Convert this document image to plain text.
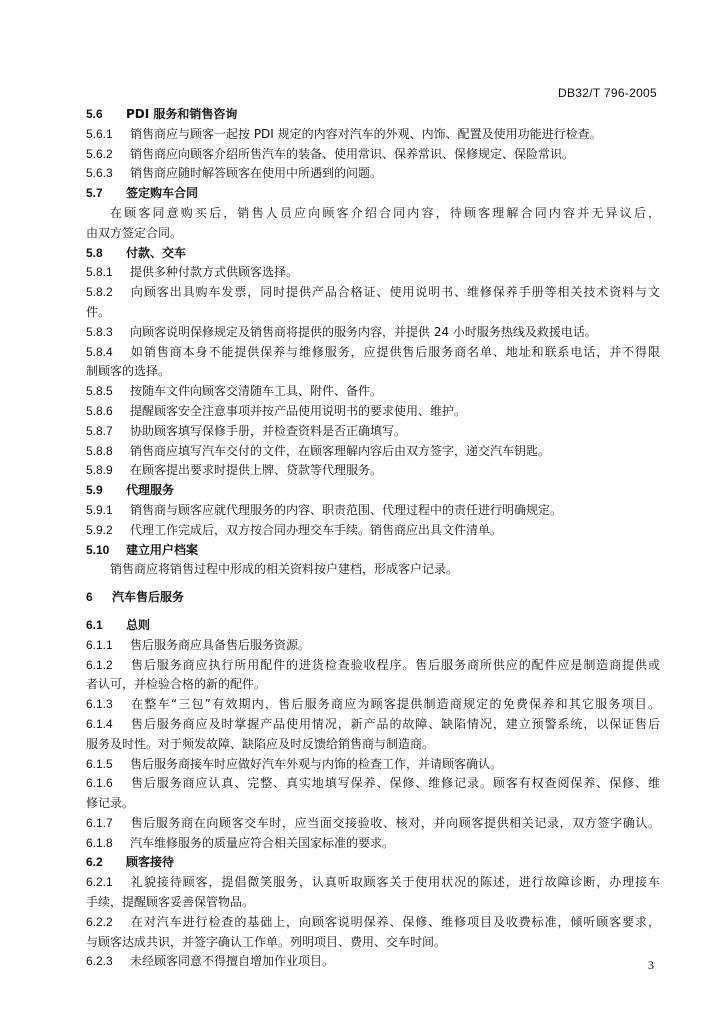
DB32/T 796-2005
5.6 PDI 服务和销售咨询
5.6.1 销售商应与顾客一起按 PDI 规定的内容对汽车的外观、内饰、配置及使用功能进行检查。
5.6.2 销售商应向顾客介绍所售汽车的装备、使用常识、保养常识、保修规定、保险常识。
5.6.3 销售商应随时解答顾客在使用中所遇到的问题。
5.7 签定购车合同
在顾客同意购买后，销售人员应向顾客介绍合同内容，待顾客理解合同内容并无异议后，
由双方签定合同。
5.8 付款、交车
5.8.1 提供多种付款方式供顾客选择。
5.8.2 向顾客出具购车发票，同时提供产品合格证、使用说明书、维修保养手册等相关技术资料与文
件。
5.8.3 向顾客说明保修规定及销售商将提供的服务内容，并提供 24 小时服务热线及救援电话。
5.8.4 如销售商本身不能提供保养与维修服务，应提供售后服务商名单、地址和联系电话，并不得限
制顾客的选择。
5.8.5 按随车文件向顾客交清随车工具、附件、备件。
5.8.6 提醒顾客安全注意事项并按产品使用说明书的要求使用、维护。
5.8.7 协助顾客填写保修手册，并检查资料是否正确填写。
5.8.8 销售商应填写汽车交付的文件，在顾客理解内容后由双方签字，递交汽车钥匙。
5.8.9 在顾客提出要求时提供上牌、贷款等代理服务。
5.9 代理服务
5.9.1 销售商与顾客应就代理服务的内容、职责范围、代理过程中的责任进行明确规定。
5.9.2 代理工作完成后，双方按合同办理交车手续。销售商应出具文件清单。
5.10 建立用户档案
销售商应将销售过程中形成的相关资料按户建档，形成客户记录。
6 汽车售后服务
6.1 总则
6.1.1 售后服务商应具备售后服务资源。
6.1.2 售后服务商应执行所用配件的进货检查验收程序。售后服务商所供应的配件应是制造商提供或
者认可，并检验合格的新的配件。
6.1.3 在整车“三包”有效期内，售后服务商应为顾客提供制造商规定的免费保养和其它服务项目。
6.1.4 售后服务商应及时掌握产品使用情况，新产品的故障、缺陷情况，建立预警系统，以保证售后
服务及时性。对于频发故障、缺陷应及时反馈给销售商与制造商。
6.1.5 售后服务商接车时应做好汽车外观与内饰的检查工作，并请顾客确认。
6.1.6 售后服务商应认真、完整、真实地填写保养、保修、维修记录。顾客有权查阅保养、保修、维
修记录。
6.1.7 售后服务商在向顾客交车时，应当面交接验收、核对，并向顾客提供相关记录，双方签字确认。
6.1.8 汽车维修服务的质量应符合相关国家标准的要求。
6.2 顾客接待
6.2.1 礼貌接待顾客，提倡微笑服务，认真听取顾客关于使用状况的陈述，进行故障诊断，办理接车
手续，提醒顾客妥善保管物品。
6.2.2 在对汽车进行检查的基础上，向顾客说明保养、保修、维修项目及收费标准，倾听顾客要求，
与顾客达成共识，并签字确认工作单。列明项目、费用、交车时间。
6.2.3 未经顾客同意不得擅自增加作业项目。	3
